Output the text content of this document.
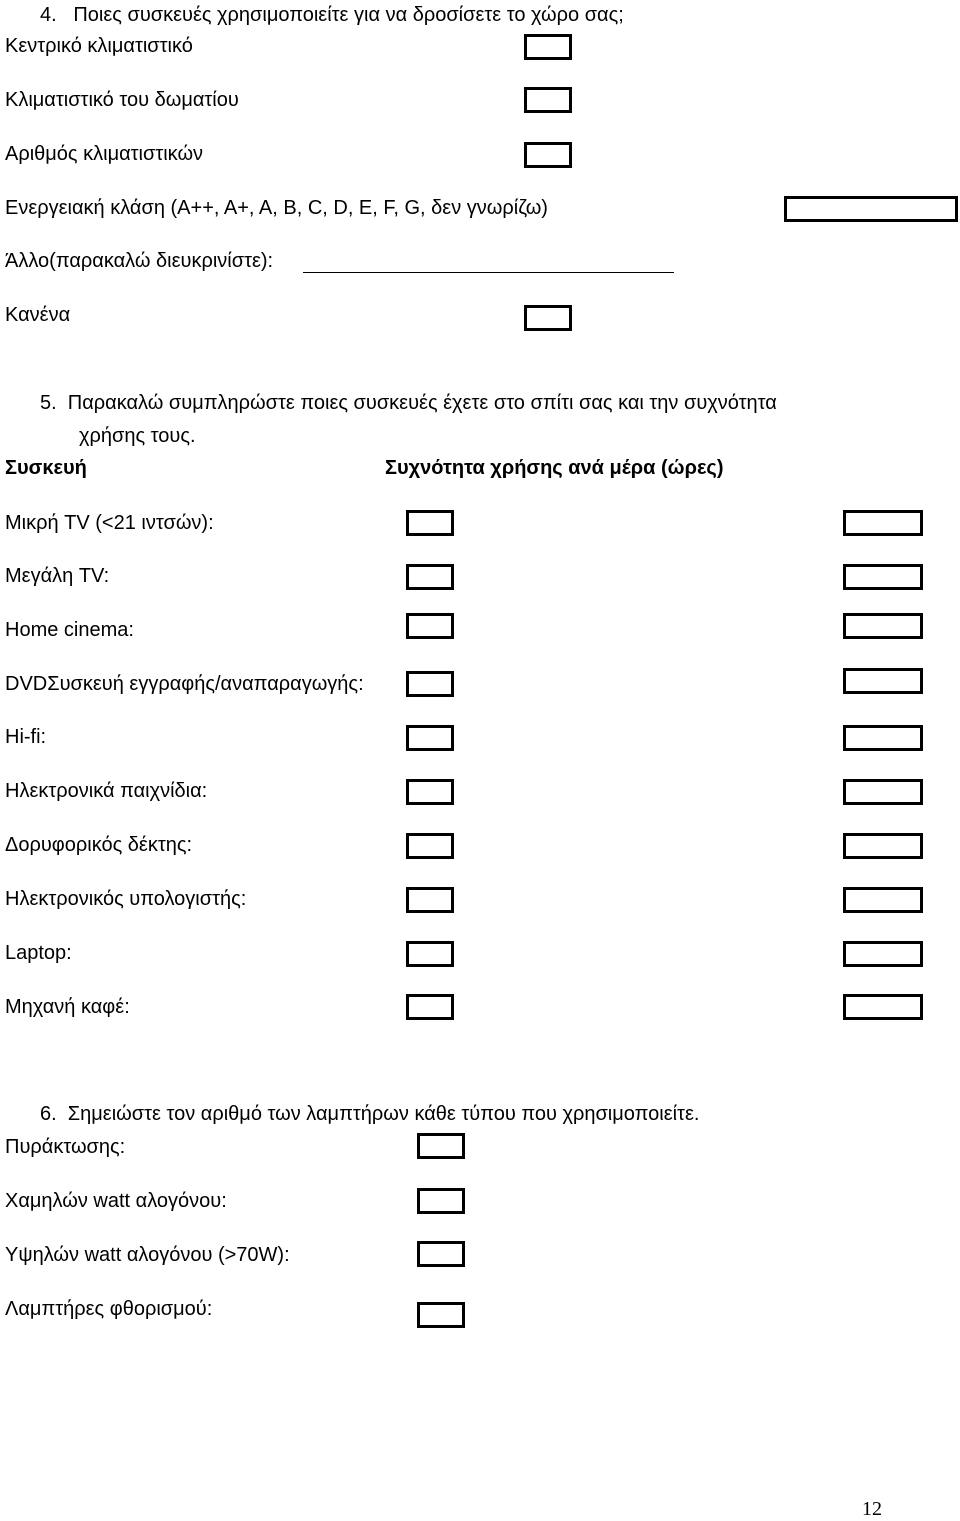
4.   Ποιες συσκευές χρησιμοποιείτε για να δροσίσετε το χώρο σας;
Κεντρικό κλιματιστικό
Κλιματιστικό του δωματίου
Αριθμός κλιματιστικών
Ενεργειακή κλάση (Α++, Α+, Α, Β, C, D, E, F, G, δεν γνωρίζω)
Άλλο(παρακαλώ διευκρινίστε):
Κανένα
5.  Παρακαλώ συμπληρώστε ποιες συσκευές έχετε στο σπίτι σας και την συχνότητα
χρήσης τους.
Συσκευή	Συχνότητα χρήσης ανά μέρα (ώρες)
Μικρή TV (<21 ιντσών):
Μεγάλη TV:
Home cinema:
DVDΣυσκευή εγγραφής/αναπαραγωγής:
Hi-fi:
Ηλεκτρονικά παιχνίδια:
Δορυφορικός δέκτης:
Ηλεκτρονικός υπολογιστής:
Laptop:
Μηχανή καφέ:
6.  Σημειώστε τον αριθμό των λαμπτήρων κάθε τύπου που χρησιμοποιείτε.
Πυράκτωσης:
Χαμηλών watt αλογόνου:
Υψηλών watt αλογόνου (>70W):
Λαμπτήρες φθορισμού:
12
